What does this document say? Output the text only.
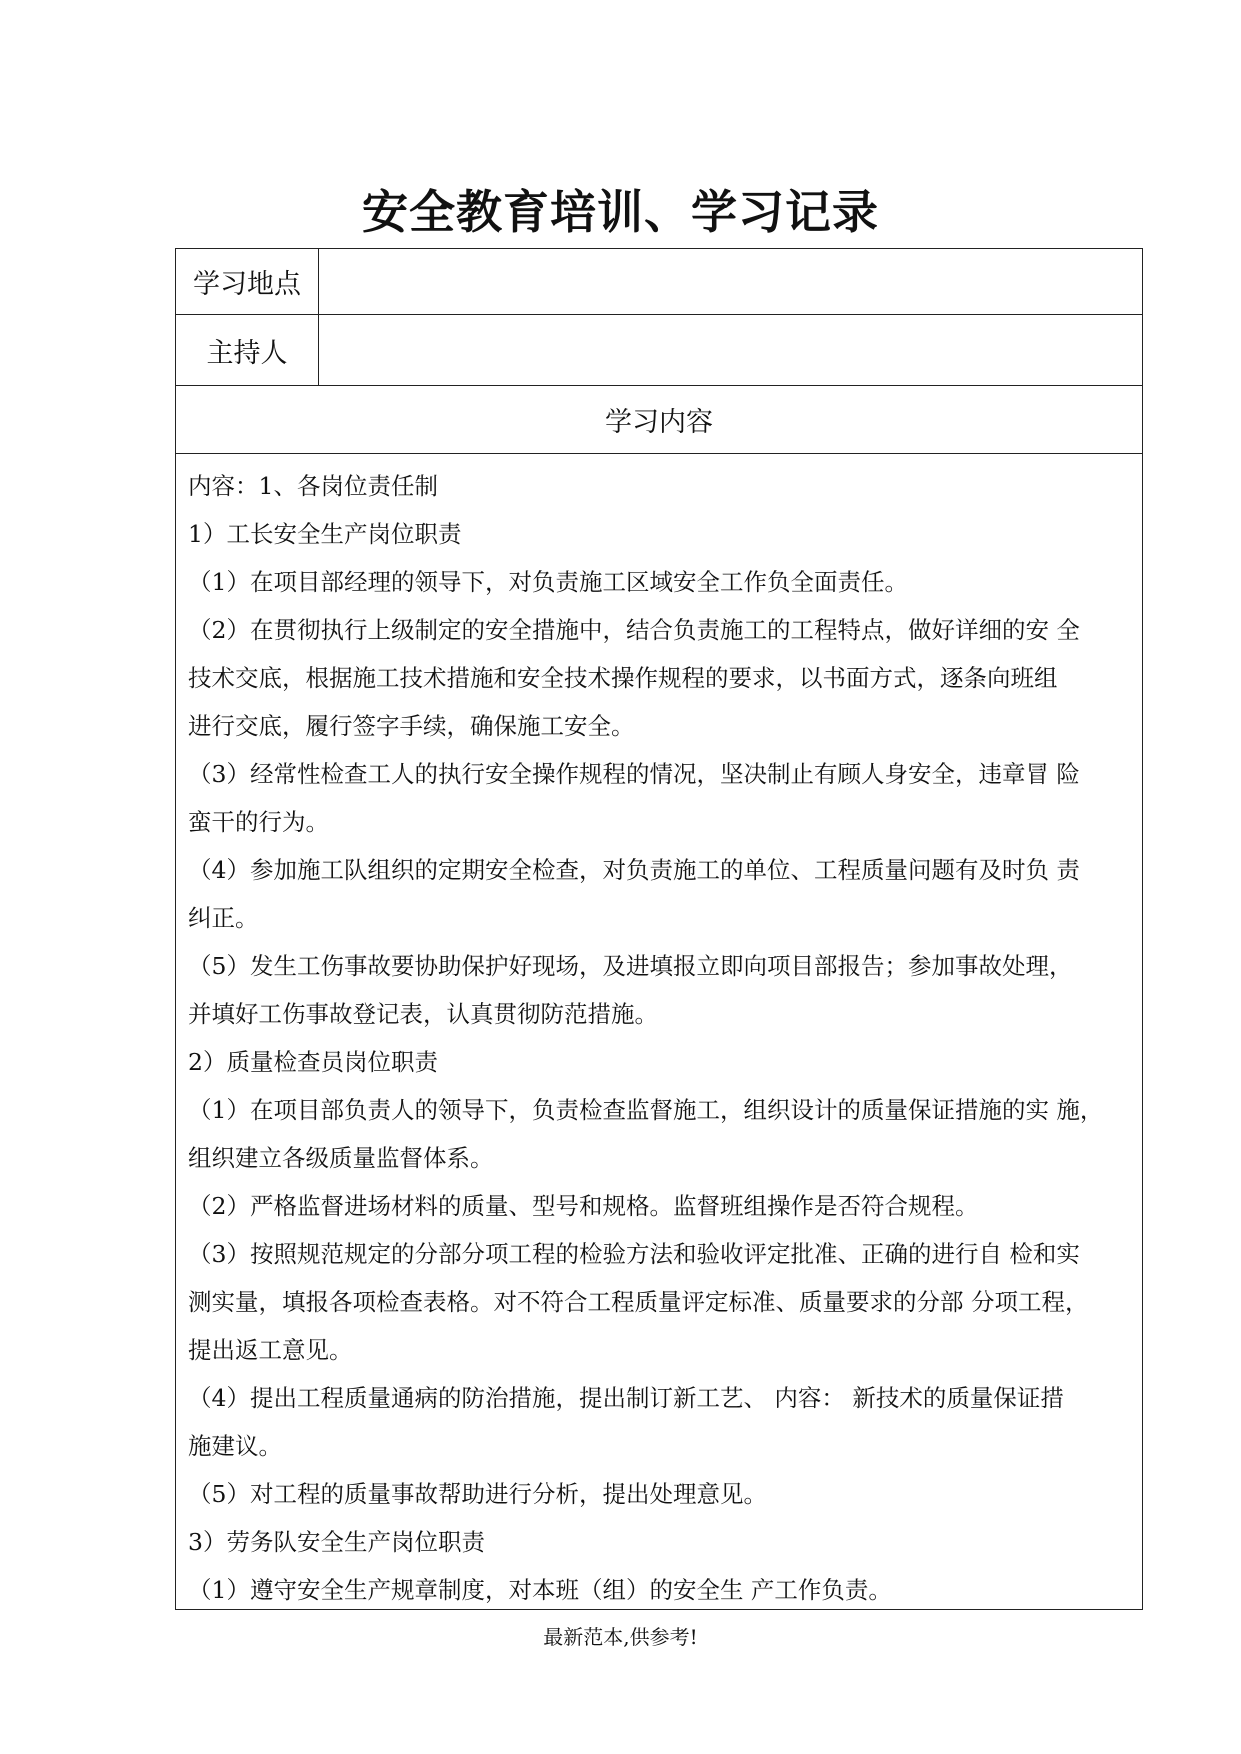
安全教育培训、学习记录
学习地点
主持人
学习内容

内容：1、各岗位责任制

1）工长安全生产岗位职责

（1）在项目部经理的领导下，对负责施工区域安全工作负全面责任。

（2）在贯彻执行上级制定的安全措施中，结合负责施工的工程特点，做好详细的安 全

技术交底，根据施工技术措施和安全技术操作规程的要求，以书面方式，逐条向班组

进行交底，履行签字手续，确保施工安全。

（3）经常性检查工人的执行安全操作规程的情况，坚决制止有顾人身安全，违章冒 险

蛮干的行为。

（4）参加施工队组织的定期安全检查，对负责施工的单位、工程质量问题有及时负 责

纠正。

（5）发生工伤事故要协助保护好现场，及进填报立即向项目部报告；参加事故处理，

并填好工伤事故登记表，认真贯彻防范措施。

2）质量检查员岗位职责

（1）在项目部负责人的领导下，负责检查监督施工，组织设计的质量保证措施的实 施，

组织建立各级质量监督体系。

（2）严格监督进场材料的质量、型号和规格。监督班组操作是否符合规程。

（3）按照规范规定的分部分项工程的检验方法和验收评定批准、正确的进行自 检和实

测实量，填报各项检查表格。对不符合工程质量评定标准、质量要求的分部 分项工程，

提出返工意见。

（4）提出工程质量通病的防治措施，提出制订新工艺、 内容： 新技术的质量保证措

施建议。

（5）对工程的质量事故帮助进行分析，提出处理意见。

3）劳务队安全生产岗位职责

（1）遵守安全生产规章制度，对本班（组）的安全生 产工作负责。

最新范本,供参考!
